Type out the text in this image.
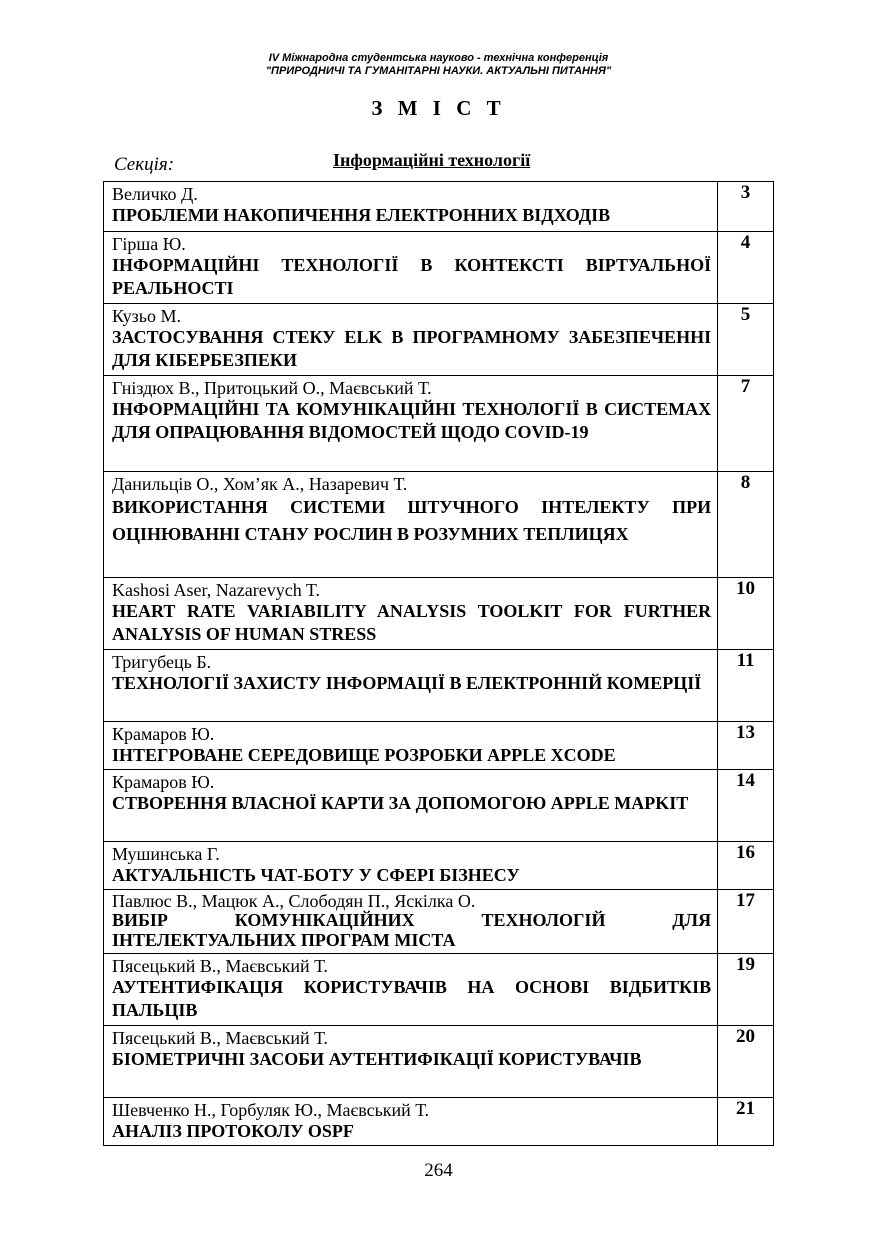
IV Міжнародна студентська науково - технічна конференція
"ПРИРОДНИЧІ ТА ГУМАНІТАРНІ НАУКИ. АКТУАЛЬНІ ПИТАННЯ"
З М І С Т
Секція:	Інформаційні технології
Величко Д.
ПРОБЛЕМИ НАКОПИЧЕННЯ ЕЛЕКТРОННИХ ВІДХОДІВ	3

Гірша Ю.
ІНФОРМАЦІЙНІ ТЕХНОЛОГІЇ В КОНТЕКСТІ ВІРТУАЛЬНОЇ РЕАЛЬНОСТІ	4

Кузьо М.
ЗАСТОСУВАННЯ СТЕКУ ELK В ПРОГРАМНОМУ ЗАБЕЗПЕЧЕННІ ДЛЯ КІБЕРБЕЗПЕКИ	5

Гніздюх В., Притоцький О., Маєвський Т.
ІНФОРМАЦІЙНІ ТА КОМУНІКАЦІЙНІ ТЕХНОЛОГІЇ В СИСТЕМАХ ДЛЯ ОПРАЦЮВАННЯ ВІДОМОСТЕЙ ЩОДО COVID-19	7

Данильців О., Хом’як А., Назаревич Т.
ВИКОРИСТАННЯ СИСТЕМИ ШТУЧНОГО ІНТЕЛЕКТУ ПРИ ОЦІНЮВАННІ СТАНУ РОСЛИН В РОЗУМНИХ ТЕПЛИЦЯХ	8

Kashosi Aser, Nazarevych T.
HEART RATE VARIABILITY ANALYSIS TOOLKIT FOR FURTHER ANALYSIS OF HUMAN STRESS	10

Тригубець Б.
ТЕХНОЛОГІЇ ЗАХИСТУ ІНФОРМАЦІЇ В ЕЛЕКТРОННІЙ КОМЕРЦІЇ	11

Крамаров Ю.
ІНТЕГРОВАНЕ СЕРЕДОВИЩЕ РОЗРОБКИ APPLE XCODE	13

Крамаров Ю.
СТВОРЕННЯ ВЛАСНОЇ КАРТИ ЗА ДОПОМОГОЮ APPLE MAPKIT	14

Мушинська Г.
АКТУАЛЬНІСТЬ ЧАТ-БОТУ У СФЕРІ БІЗНЕСУ	16

Павлюс В., Мацюк А., Слободян П., Яскілка О.
ВИБІР КОМУНІКАЦІЙНИХ ТЕХНОЛОГІЙ ДЛЯ ІНТЕЛЕКТУАЛЬНИХ ПРОГРАМ МІСТА	17

Пясецький В., Маєвський Т.
АУТЕНТИФІКАЦІЯ КОРИСТУВАЧІВ НА ОСНОВІ ВІДБИТКІВ ПАЛЬЦІВ	19

Пясецький В., Маєвський Т.
БІОМЕТРИЧНІ ЗАСОБИ АУТЕНТИФІКАЦІЇ КОРИСТУВАЧІВ	20

Шевченко Н., Горбуляк Ю., Маєвський Т.
АНАЛІЗ ПРОТОКОЛУ OSPF	21
264
